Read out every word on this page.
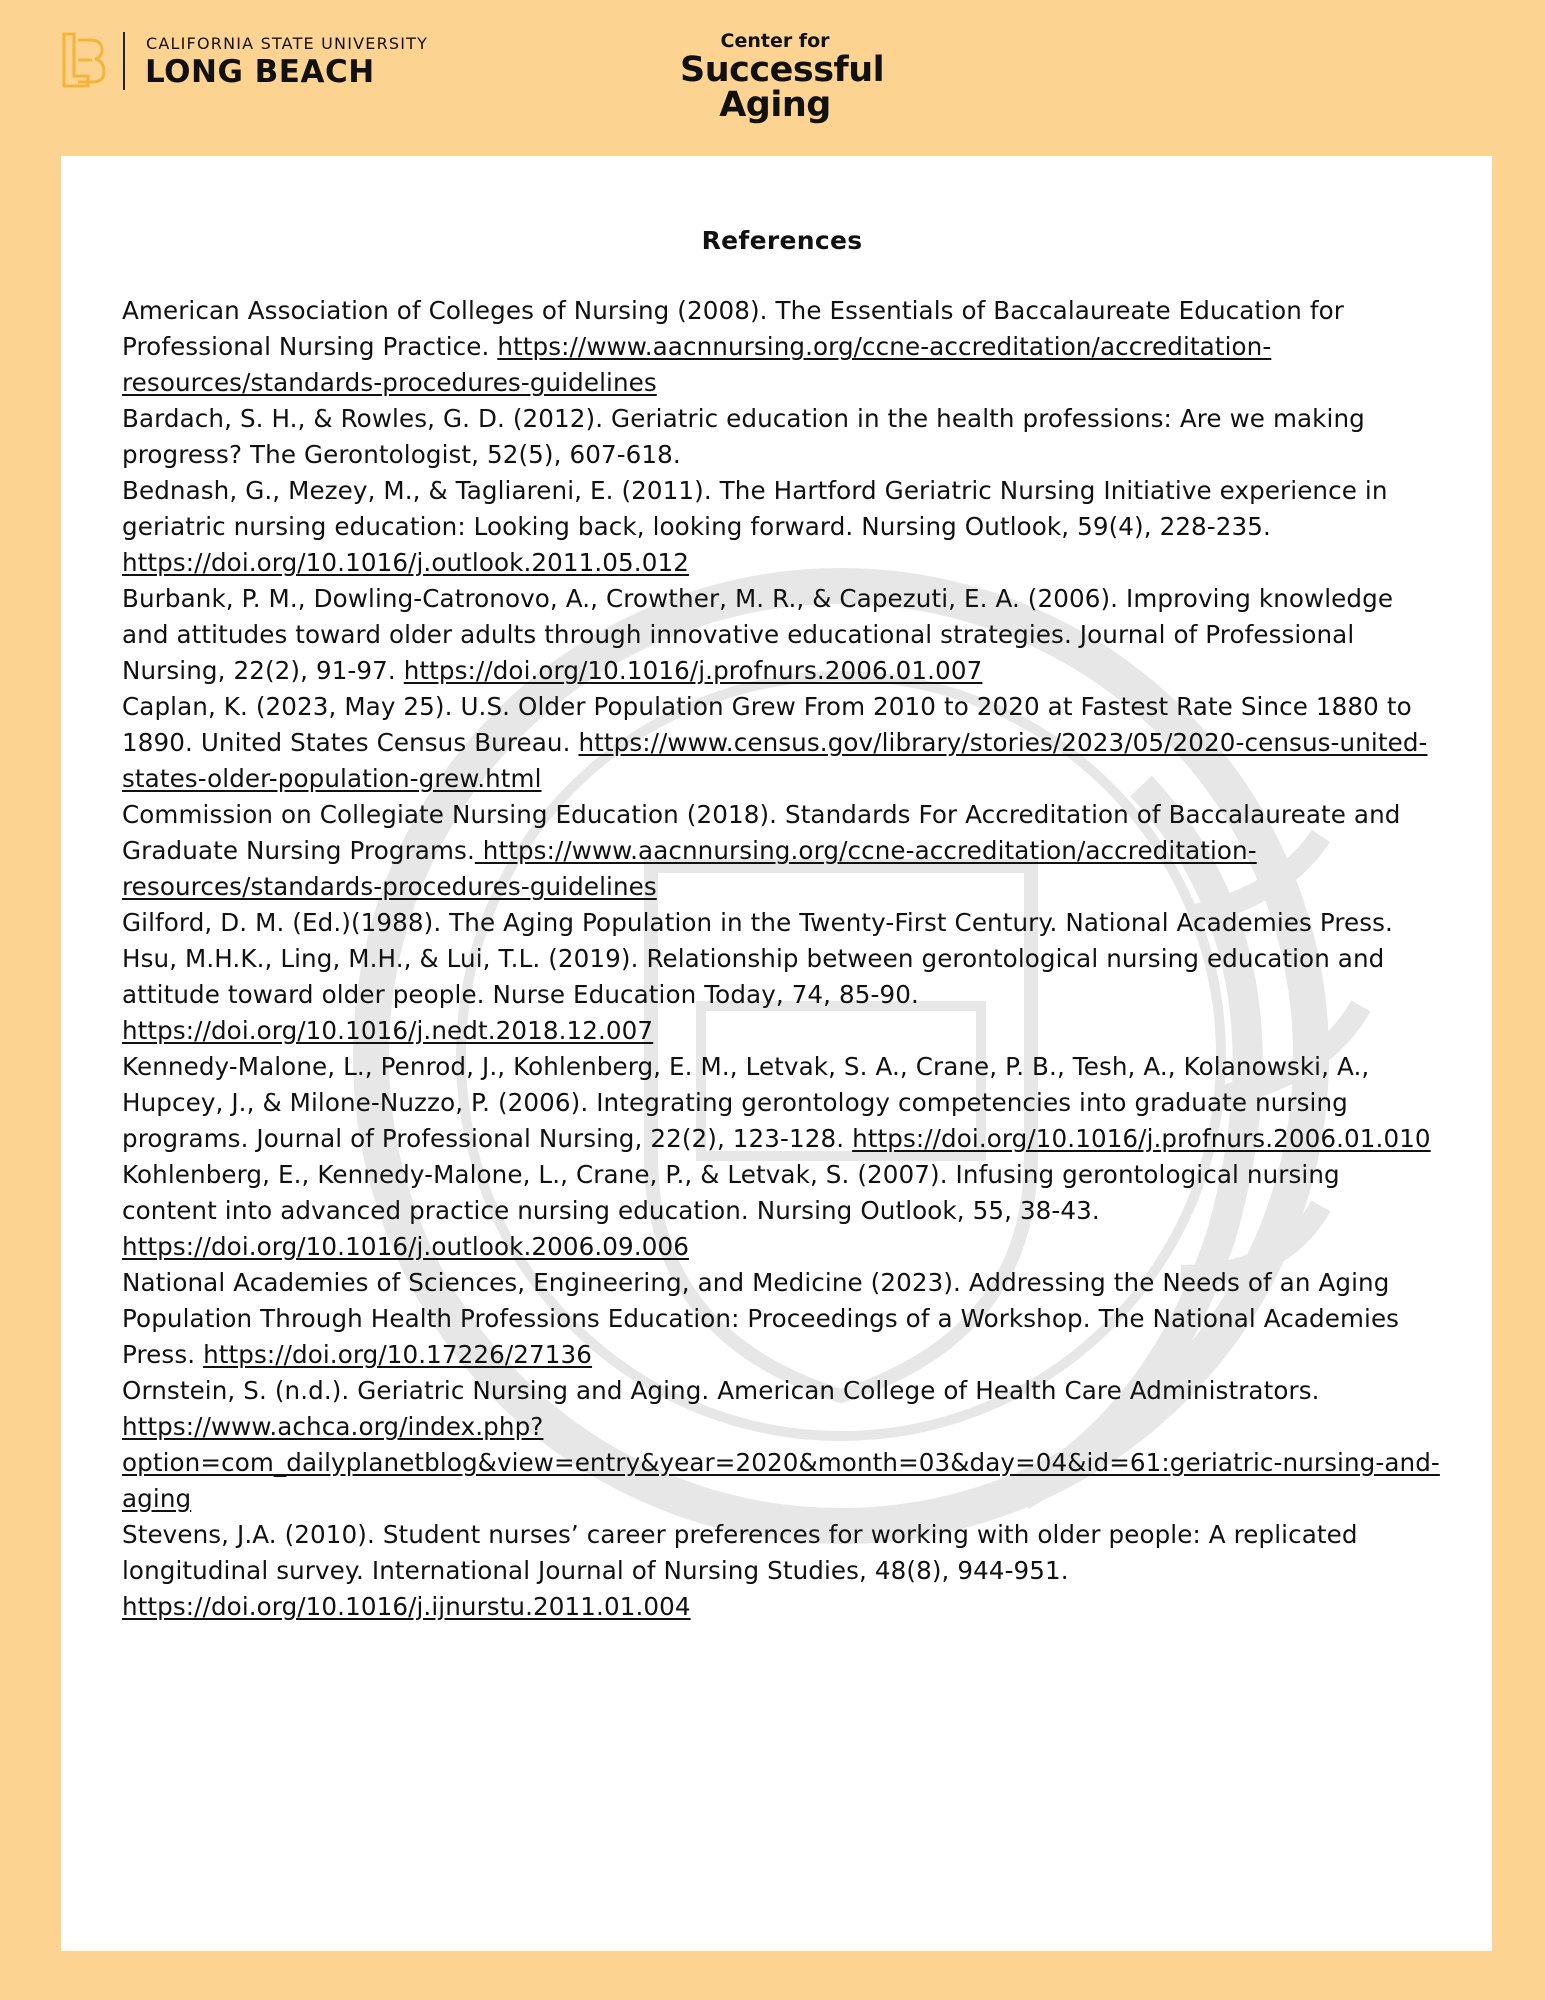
CALIFORNIA STATE UNIVERSITY
LONG BEACH
Center for
Successful
Aging
References
American Association of Colleges of Nursing (2008). The Essentials of Baccalaureate Education for Professional Nursing Practice. https://www.aacnnursing.org/ccne-accreditation/accreditation-resources/standards-procedures-guidelines
Bardach, S. H., & Rowles, G. D. (2012). Geriatric education in the health professions: Are we making progress? The Gerontologist, 52(5), 607-618.
Bednash, G., Mezey, M., & Tagliareni, E. (2011). The Hartford Geriatric Nursing Initiative experience in geriatric nursing education: Looking back, looking forward. Nursing Outlook, 59(4), 228-235. https://doi.org/10.1016/j.outlook.2011.05.012
Burbank, P. M., Dowling-Catronovo, A., Crowther, M. R., & Capezuti, E. A. (2006). Improving knowledge and attitudes toward older adults through innovative educational strategies. Journal of Professional Nursing, 22(2), 91-97. https://doi.org/10.1016/j.profnurs.2006.01.007
Caplan, K. (2023, May 25). U.S. Older Population Grew From 2010 to 2020 at Fastest Rate Since 1880 to 1890. United States Census Bureau. https://www.census.gov/library/stories/2023/05/2020-census-united-states-older-population-grew.html
Commission on Collegiate Nursing Education (2018). Standards For Accreditation of Baccalaureate and Graduate Nursing Programs. https://www.aacnnursing.org/ccne-accreditation/accreditation-resources/standards-procedures-guidelines
Gilford, D. M. (Ed.)(1988). The Aging Population in the Twenty-First Century. National Academies Press.
Hsu, M.H.K., Ling, M.H., & Lui, T.L. (2019). Relationship between gerontological nursing education and attitude toward older people. Nurse Education Today, 74, 85-90. https://doi.org/10.1016/j.nedt.2018.12.007
Kennedy-Malone, L., Penrod, J., Kohlenberg, E. M., Letvak, S. A., Crane, P. B., Tesh, A., Kolanowski, A., Hupcey, J., & Milone-Nuzzo, P. (2006). Integrating gerontology competencies into graduate nursing programs. Journal of Professional Nursing, 22(2), 123-128. https://doi.org/10.1016/j.profnurs.2006.01.010
Kohlenberg, E., Kennedy-Malone, L., Crane, P., & Letvak, S. (2007). Infusing gerontological nursing content into advanced practice nursing education. Nursing Outlook, 55, 38-43. https://doi.org/10.1016/j.outlook.2006.09.006
National Academies of Sciences, Engineering, and Medicine (2023). Addressing the Needs of an Aging Population Through Health Professions Education: Proceedings of a Workshop. The National Academies Press. https://doi.org/10.17226/27136
Ornstein, S. (n.d.). Geriatric Nursing and Aging. American College of Health Care Administrators. https://www.achca.org/index.php?option=com_dailyplanetblog&view=entry&year=2020&month=03&day=04&id=61:geriatric-nursing-and-aging
Stevens, J.A. (2010). Student nurses’ career preferences for working with older people: A replicated longitudinal survey. International Journal of Nursing Studies, 48(8), 944-951. https://doi.org/10.1016/j.ijnurstu.2011.01.004
